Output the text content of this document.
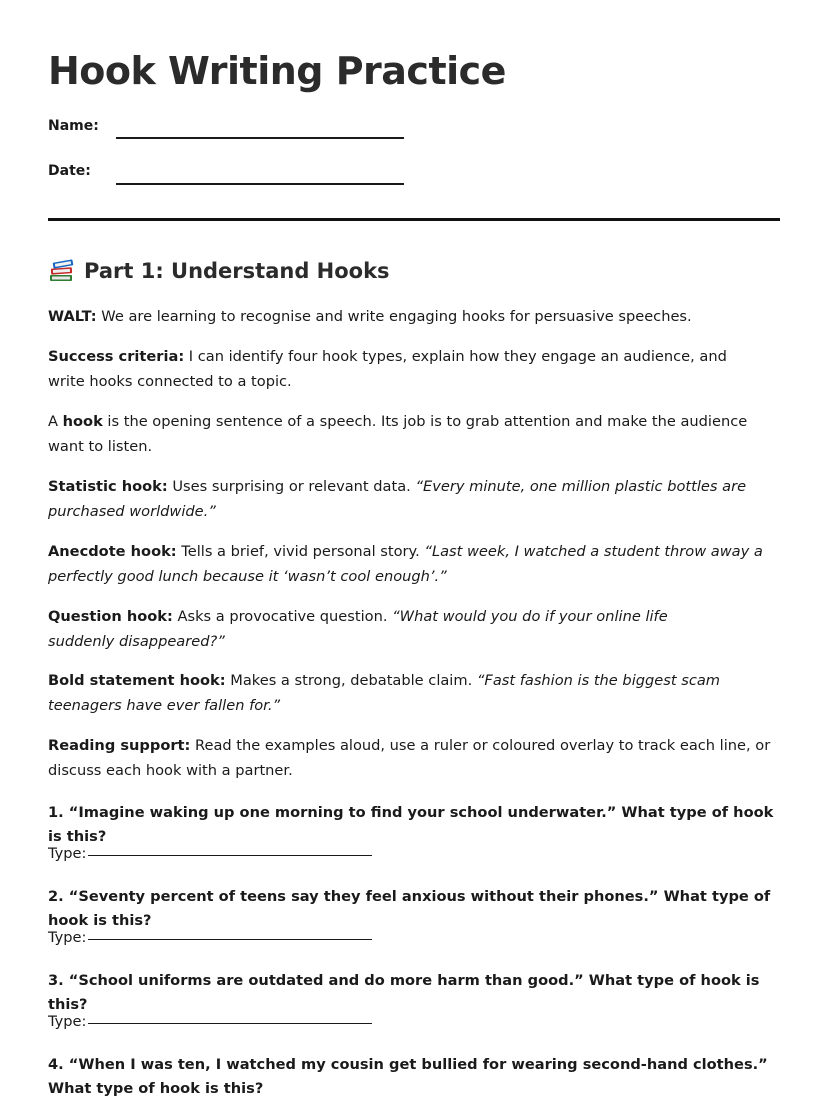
Hook Writing Practice
Name:
Date:
Part 1: Understand Hooks

WALT: We are learning to recognise and write engaging hooks for persuasive speeches.

Success criteria: I can identify four hook types, explain how they engage an audience, and write hooks connected to a topic.

A hook is the opening sentence of a speech. Its job is to grab attention and make the audience want to listen.

Statistic hook: Uses surprising or relevant data. “Every minute, one million plastic bottles are purchased worldwide.”

Anecdote hook: Tells a brief, vivid personal story. “Last week, I watched a student throw away a perfectly good lunch because it ‘wasn’t cool enough’.”

Question hook: Asks a provocative question. “What would you do if your online life suddenly disappeared?”

Bold statement hook: Makes a strong, debatable claim. “Fast fashion is the biggest scam teenagers have ever fallen for.”

Reading support: Read the examples aloud, use a ruler or coloured overlay to track each line, or discuss each hook with a partner.

1. “Imagine waking up one morning to find your school underwater.” What type of hook is this?

Type:

2. “Seventy percent of teens say they feel anxious without their phones.” What type of hook is this?

Type:

3. “School uniforms are outdated and do more harm than good.” What type of hook is this?

Type:

4. “When I was ten, I watched my cousin get bullied for wearing second-hand clothes.” What type of hook is this?
